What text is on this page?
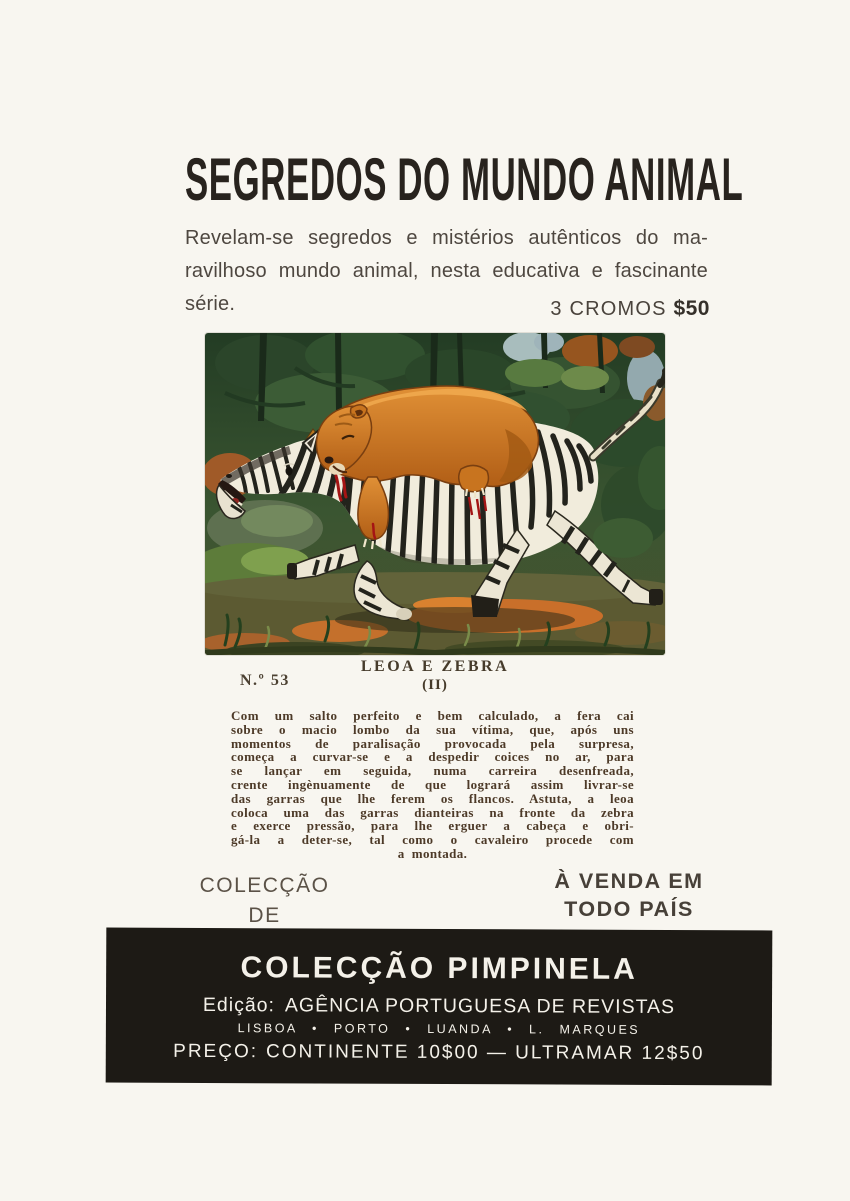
SEGREDOS DO MUNDO ANIMAL
Revelam-se segredos e mistérios autênticos do ma-
ravilhoso mundo animal, nesta educativa e fascinante
série.	3 CROMOS $50
N.º 53
LEOA E ZEBRA
(II)
Com um salto perfeito e bem calculado, a fera cai
sobre o macio lombo da sua vítima, que, após uns
momentos de paralisação provocada pela surpresa,
começa a curvar-se e a despedir coices no ar, para
se lançar em seguida, numa carreira desenfreada,
crente ingènuamente de que logrará assim livrar-se
das garras que lhe ferem os flancos. Astuta, a leoa
coloca uma das garras dianteiras na fronte da zebra
e exerce pressão, para lhe erguer a cabeça e obri-
gá-la a deter-se, tal como o cavaleiro procede com
a montada.
COLECÇÃO DE
À VENDA EM
TODO PAÍS
COLECÇÃO PIMPINELA
Edição: AGÊNCIA PORTUGUESA DE REVISTAS
LISBOA • PORTO • LUANDA • L. MARQUES
PREÇO: CONTINENTE 10$00 — ULTRAMAR 12$50
